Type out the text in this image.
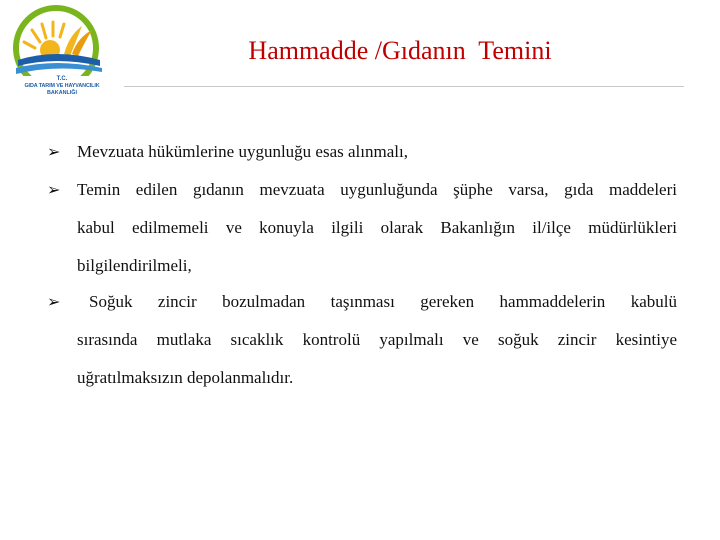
T.C.
GIDA TARIM VE HAYVANCILIK
BAKANLIĞI
Hammadde /Gıdanın  Temini
➢ Mevzuata hükümlerine uygunluğu esas alınmalı,
➢ Temin edilen gıdanın mevzuata uygunluğunda şüphe varsa, gıda maddeleri
kabul edilmemeli ve konuyla ilgili olarak Bakanlığın il/ilçe müdürlükleri
bilgilendirilmeli,
➢ Soğuk zincir bozulmadan taşınması gereken hammaddelerin kabulü
sırasında mutlaka sıcaklık kontrolü yapılmalı ve soğuk zincir kesintiye
uğratılmaksızın depolanmalıdır.
